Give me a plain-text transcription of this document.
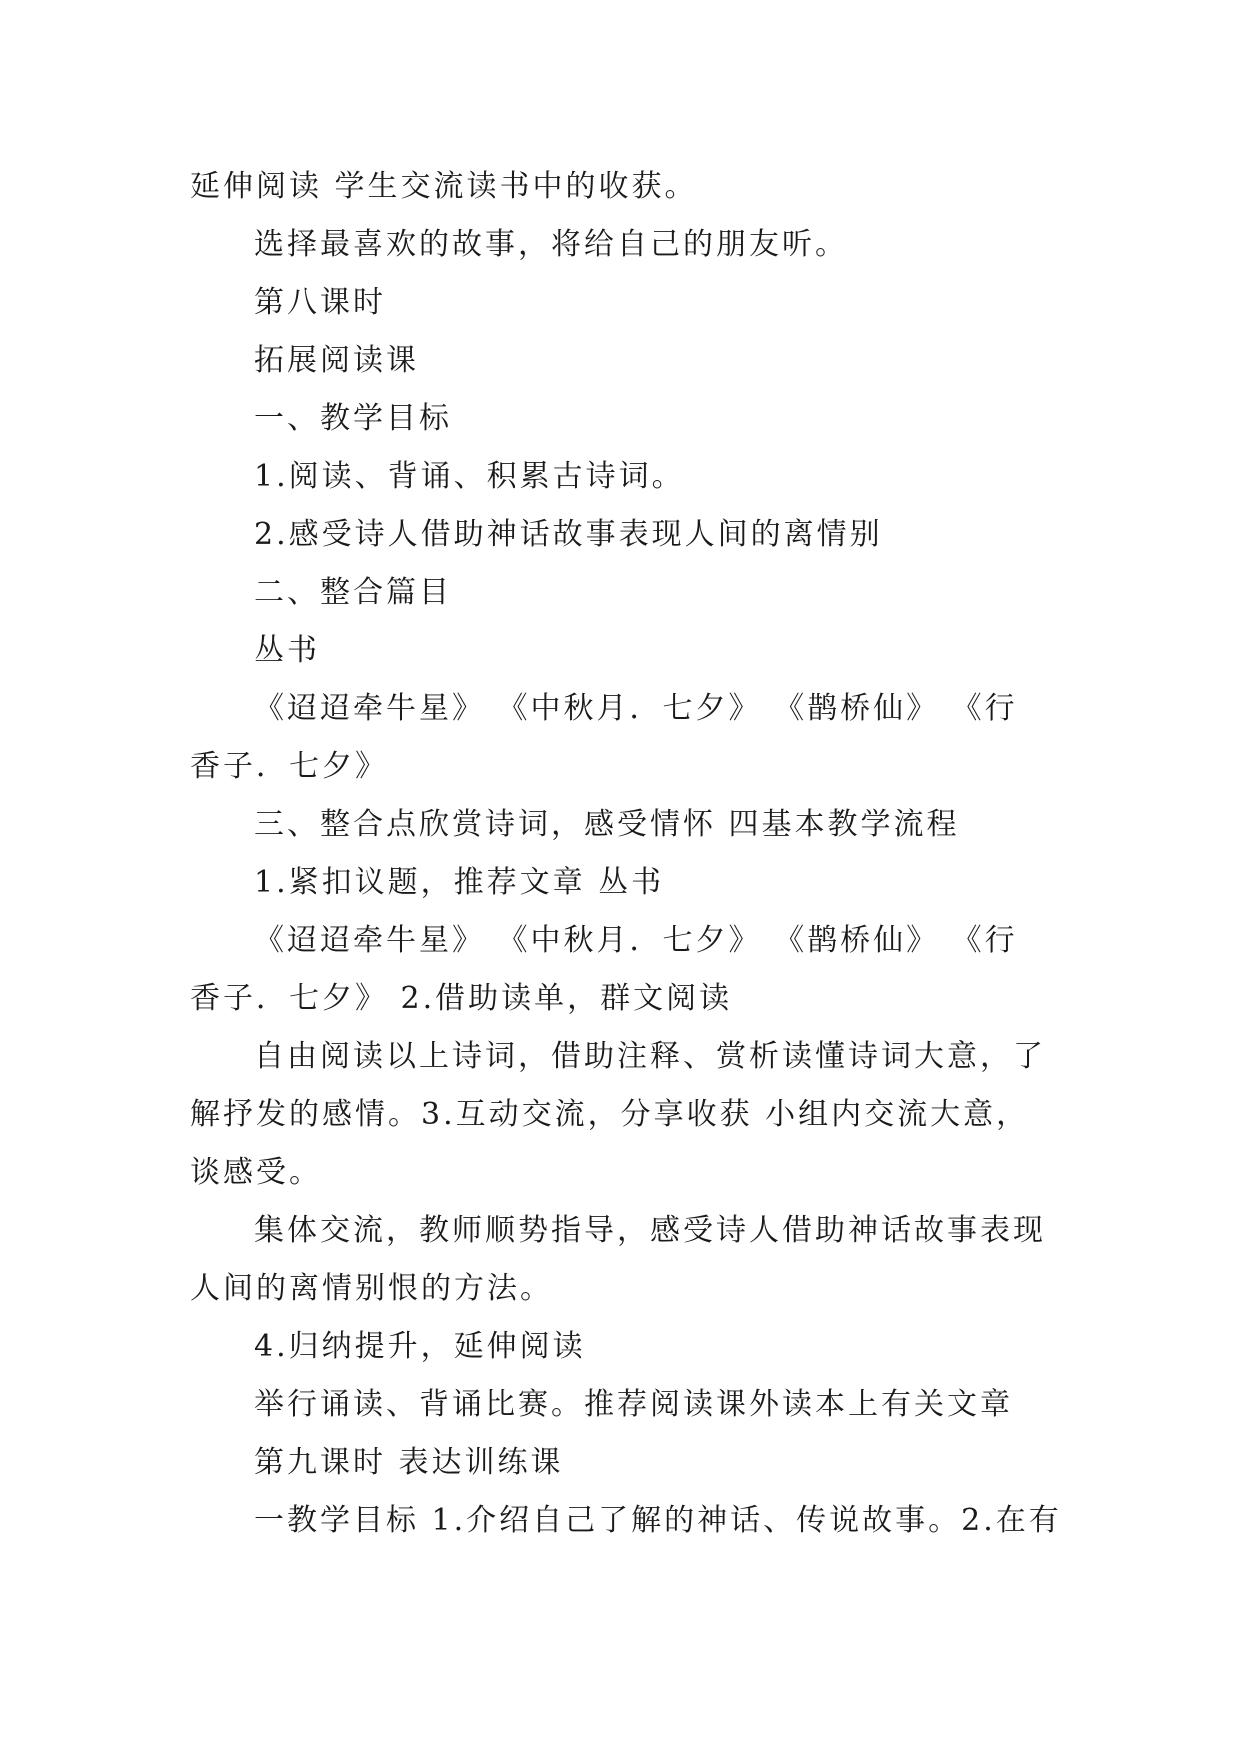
延伸阅读 学生交流读书中的收获。

选择最喜欢的故事，将给自己的朋友听。

第八课时

拓展阅读课

一、教学目标

1.阅读、背诵、积累古诗词。

2.感受诗人借助神话故事表现人间的离情别

二、整合篇目

丛书

《迢迢牵牛星》 《中秋月．七夕》 《鹊桥仙》 《行

香子．七夕》

三、整合点欣赏诗词，感受情怀 四基本教学流程

1.紧扣议题，推荐文章 丛书

《迢迢牵牛星》 《中秋月．七夕》 《鹊桥仙》 《行

香子．七夕》 2.借助读单，群文阅读

自由阅读以上诗词，借助注释、赏析读懂诗词大意，了

解抒发的感情。3.互动交流，分享收获 小组内交流大意，

谈感受。

集体交流，教师顺势指导，感受诗人借助神话故事表现

人间的离情别恨的方法。

4.归纳提升，延伸阅读

举行诵读、背诵比赛。推荐阅读课外读本上有关文章

第九课时 表达训练课

一教学目标 1.介绍自己了解的神话、传说故事。2.在有
